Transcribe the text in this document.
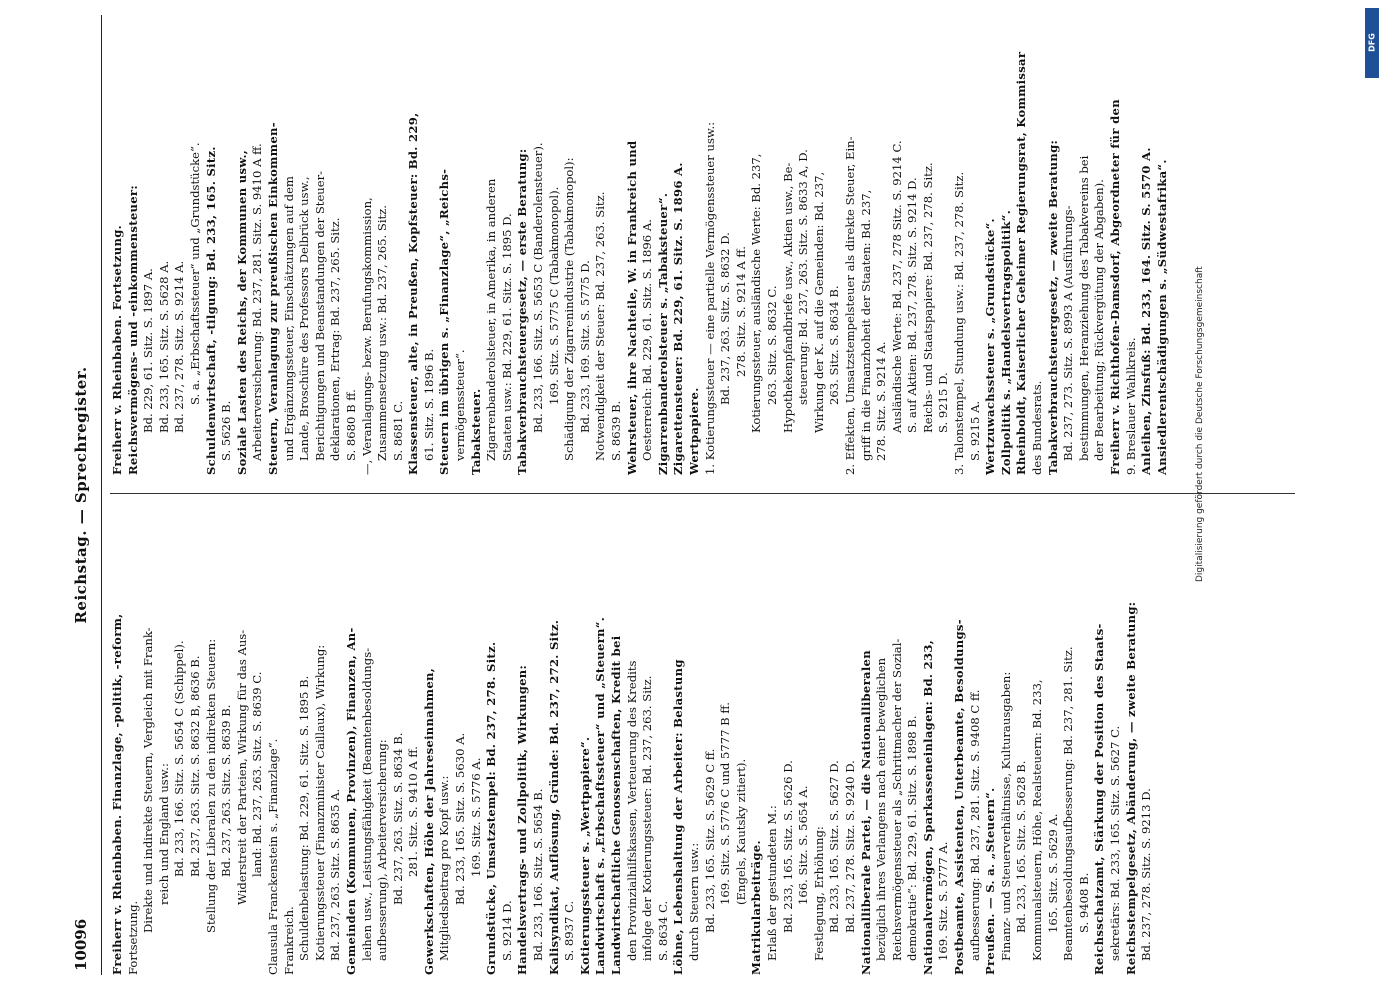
10096
Reichstag. — Sprechregister.
Freiherr v. Rheinbaben. Finanzlage, -politik, -reform, Fortsetzung.
Direkte und indirekte Steuern, Vergleich mit Frank- reich und England usw.: Bd. 233, 166. Sitz. S. 5654 C (Schippel). Bd. 237, 263. Sitz. S. 8632 B, 8636 B. Stellung der Liberalen zu den indirekten Steuern: Bd. 237, 263. Sitz. S. 8639 B. Widerstreit der Parteien, Wirkung für das Aus- land: Bd. 237, 263. Sitz. S. 8639 C. Clausula Franckenstein s. „Finanzlage“. Frankreich. Schuldenbelastung: Bd. 229, 61. Sitz. S. 1895 B. Kotierungssteuer (Finanzminister Caillaux), Wirkung: Bd. 237, 263. Sitz. S. 8635 A. Gemeinden (Kommunen, Provinzen), Finanzen, An- leihen usw., Leistungsfähigkeit (Beamtenbesoldungs- aufbesserung), Arbeiterversicherung: Bd. 237, 263. Sitz. S. 8634 B. 281. Sitz. S. 9410 A ff. Gewerkschaften, Höhe der Jahreseinnahmen, Mitgliedsbeitrag pro Kopf usw.: Bd. 233, 165. Sitz. S. 5630 A. 169. Sitz. S. 5776 A. Grundstücke, Umsatzstempel: Bd. 237, 278. Sitz. S. 9214 D. Handelsvertrags- und Zollpolitik, Wirkungen: Bd. 233, 166. Sitz. S. 5654 B. Kalisyndikat, Auflösung, Gründe: Bd. 237, 272. Sitz. S. 8937 C. Kotierungssteuer s. „Wertpapiere“. Landwirtschaft s. „Erbschaftssteuer“ und „Steuern“. Landwirtschaftliche Genossenschaften, Kredit bei den Provinzialhilfskassen, Verteuerung des Kredits infolge der Kotierungssteuer: Bd. 237, 263. Sitz. S. 8634 C. Löhne, Lebenshaltung der Arbeiter: Belastung durch Steuern usw.: Bd. 233, 165. Sitz. S. 5629 C ff. 169. Sitz. S. 5776 C und 5777 B ff. (Engels, Kautsky zitiert).
Matrikularbeiträge. Erlaß der gestundeten M.: Bd. 233, 165. Sitz. S. 5626 D. 166. Sitz. S. 5654 A. Festlegung, Erhöhung: Bd. 233, 165. Sitz. S. 5627 D. Bd. 237, 278. Sitz. S. 9240 D. Nationalliberale Partei, — die Nationalliberalen bezüglich ihres Verlangens nach einer beweglichen Reichsvermögenssteuer als „Schrittmacher der Sozial- demokratie“: Bd. 229, 61. Sitz. S. 1898 B. Nationalvermögen, Sparkasseneinlagen: Bd. 233, 169. Sitz. S. 5777 A. Postbeamte, Assistenten, Unterbeamte, Besoldungs- aufbesserung: Bd. 237, 281. Sitz. S. 9408 C ff. Preußen. — S. a. „Steuern“. Finanz- und Steuerverhältnisse, Kulturausgaben: Bd. 233, 165. Sitz. S. 5628 B. Kommunalsteuern, Höhe, Realsteuern: Bd. 233, 165. Sitz. S. 5629 A. Beamtenbesoldungsaufbesserung: Bd. 237, 281. Sitz. S. 9408 B. Reichsschatzamt, Stärkung der Position des Staats- sekretärs: Bd. 233, 165. Sitz. S. 5627 C. Reichsstempelgesetz, Abänderung, — zweite Beratung: Bd. 237, 278. Sitz. S. 9213 D.
Freiherr v. Rheinbaben. Fortsetzung. Reichsvermögens- und -einkommensteuer: Bd. 229, 61. Sitz. S. 1897 A. Bd. 233, 165. Sitz. S. 5628 A. Bd. 237, 278. Sitz. S. 9214 A. S. a. „Erbschaftssteuer“ und „Grundstücke“. Schuldenwirtschaft, -tilgung: Bd. 233, 165. Sitz. S. 5626 B. Soziale Lasten des Reichs, der Kommunen usw., Arbeiterversicherung: Bd. 237, 281. Sitz. S. 9410 A ff. Steuern, Veranlagung zur preußischen Einkommen- und Ergänzungssteuer, Einschätzungen auf dem Lande, Broschüre des Professors Delbrück usw., Berichtigungen und Beanstandungen der Steuer- deklarationen, Ertrag: Bd. 237, 265. Sitz. S. 8680 B ff. —, Veranlagungs- bezw. Berufungskommission, Zusammensetzung usw.: Bd. 237, 265. Sitz. S. 8681 C. Klassensteuer, alte, in Preußen, Kopfsteuer: Bd. 229, 61. Sitz. S. 1896 B. Steuern im übrigen s. „Finanzlage“, „Reichs- vermögenssteuer“. Tabaksteuer. Zigarrenbanderolsteuer, in Amerika, in anderen Staaten usw.: Bd. 229, 61. Sitz. S. 1895 D. Tabakverbrauchsteuergesetz, — erste Beratung: Bd. 233, 166. Sitz. S. 5653 C (Banderolensteuer). 169. Sitz. S. 5775 C (Tabakmonopol). Schädigung der Zigarrenindustrie (Tabakmonopol): Bd. 233, 169. Sitz. S. 5775 D. Notwendigkeit der Steuer: Bd. 237, 263. Sitz. S. 8639 B. Wehrsteuer, ihre Nachteile, W. in Frankreich und Oesterreich: Bd. 229, 61. Sitz. S. 1896 A. Zigarrenbanderolsteuer s. „Tabaksteuer“. Zigarettensteuer: Bd. 229, 61. Sitz. S. 1896 A. Wertpapiere. 1. Kotierungssteuer — eine partielle Vermögenssteuer usw.: Bd. 237, 263. Sitz. S. 8632 D. 278. Sitz. S. 9214 A ff. Kotierungssteuer, ausländische Werte: Bd. 237, 263. Sitz. S. 8632 C. Hypothekenpfandbriefe usw., Aktien usw., Be- steuerung: Bd. 237, 263. Sitz. S. 8633 A, D. Wirkung der K. auf die Gemeinden: Bd. 237, 263. Sitz. S. 8634 B. 2. Effekten, Umsatzstempelsteuer als direkte Steuer, Ein- griff in die Finanzhoheit der Staaten: Bd. 237, 278. Sitz. S. 9214 A. Ausländische Werte: Bd. 237, 278 Sitz. S. 9214 C. S. auf Aktien: Bd. 237, 278. Sitz. S. 9214 D. Reichs- und Staatspapiere: Bd. 237, 278. Sitz. S. 9215 D. 3. Talonstempel, Stundung usw.: Bd. 237, 278. Sitz. S. 9215 A. Wertzuwachssteuer s. „Grundstücke“. Zollpolitik s. „Handelsvertragspolitik“. Rheinboldt, Kaiserlicher Geheimer Regierungsrat, Kommissar des Bundesrats. Tabakverbrauchsteuergesetz, — zweite Beratung: Bd. 237, 273. Sitz. S. 8993 A (Ausführungs- bestimmungen, Heranziehung des Tabakvereins bei der Bearbeitung; Rückvergütung der Abgaben). Freiherr v. Richthofen-Damsdorf, Abgeordneter für den 9. Breslauer Wahlkreis. Anleihen, Zinsfuß: Bd. 233, 164. Sitz. S. 5570 A. Ansiedlerentschädigungen s. „Südwestafrika“.
DFG
Digitalisierung gefördert durch die Deutsche Forschungsgemeinschaft
